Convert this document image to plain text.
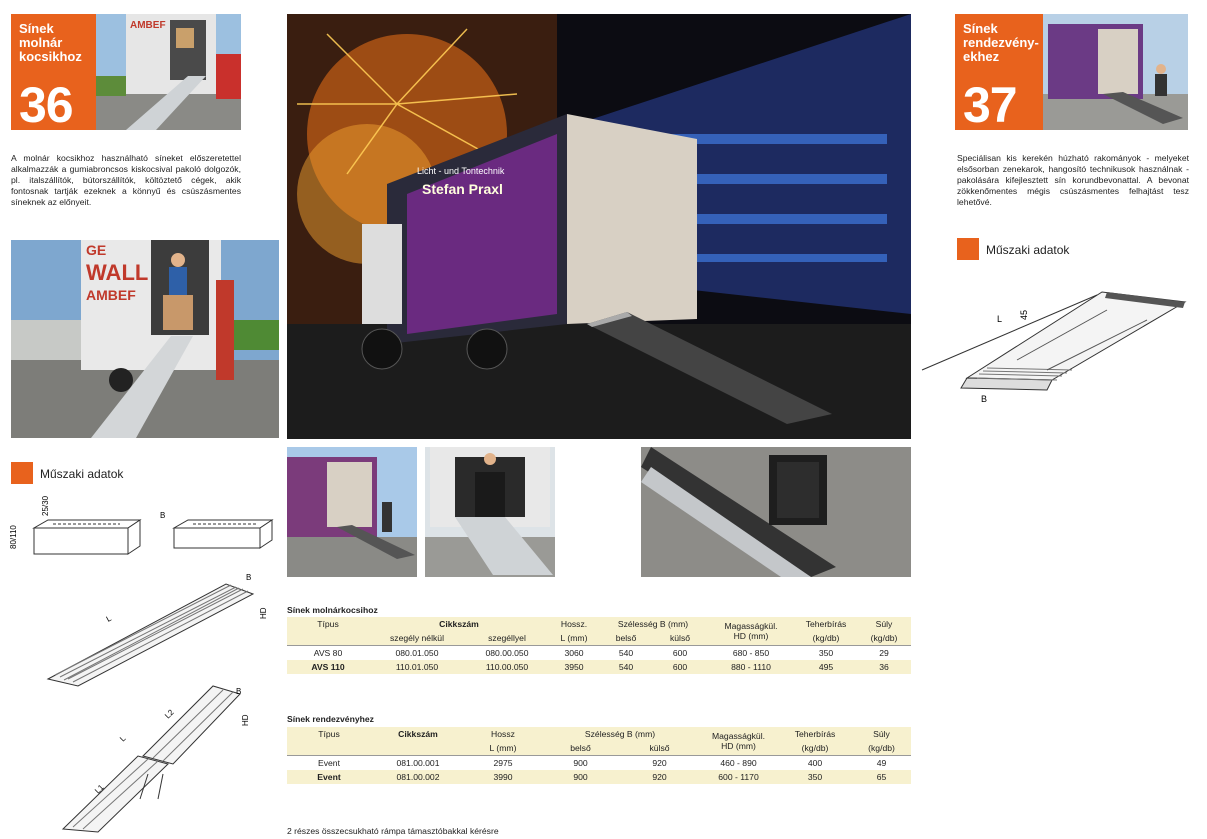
Sínek
molnár
kocsikhoz
36
AMBEF
A molnár kocsikhoz használható síneket előszeretettel alkalmazzák a gumiabroncsos kiskocsival pakoló dolgozók, pl. italszállítók, bútorszállítók, költöztető cégek, akik fontosnak tartják ezeknek a könnyű és csúszásmentes síneknek az előnyeit.
GE
WALL
AMBEF
Műszaki adatok
80/110
25/30	B
L
B
HD
L1
L2
L
B
HD
Licht - und Tontechnik
Stefan Praxl
Sínek molnárkocsihoz
Típus	Cikkszám		Hossz.	Szélesség B (mm)		Magasságkül.
HD (mm)	Teherbírás	Súly
	szegély nélkül	szegéllyel	L (mm)	belső	külső		(kg/db)	(kg/db)
AVS 80	080.01.050	080.00.050	3060	540	600	680 - 850	350	29
AVS 110	110.01.050	110.00.050	3950	540	600	880 - 1110	495	36
Sínek rendezvényhez
Típus	Cikkszám	Hossz	Szélesség B (mm)		Magasságkül.
HD (mm)	Teherbírás	Súly
		L (mm)	belső	külső		(kg/db)	(kg/db)
Event	081.00.001	2975	900	920	460 - 890	400	49
Event	081.00.002	3990	900	920	600 - 1170	350	65
2 részes összecsukható rámpa támasztóbakkal kérésre
Sínek
rendezvény-
ekhez
37
Speciálisan kis kerekén húzható rakományok - melyeket elsősorban zenekarok, hangosító technikusok használnak - pakolására kifejlesztett sín korundbevonattal. A bevonat zökkenőmentes mégis csúszásmentes felhajtást tesz lehetővé.
Műszaki adatok
L
B
45
